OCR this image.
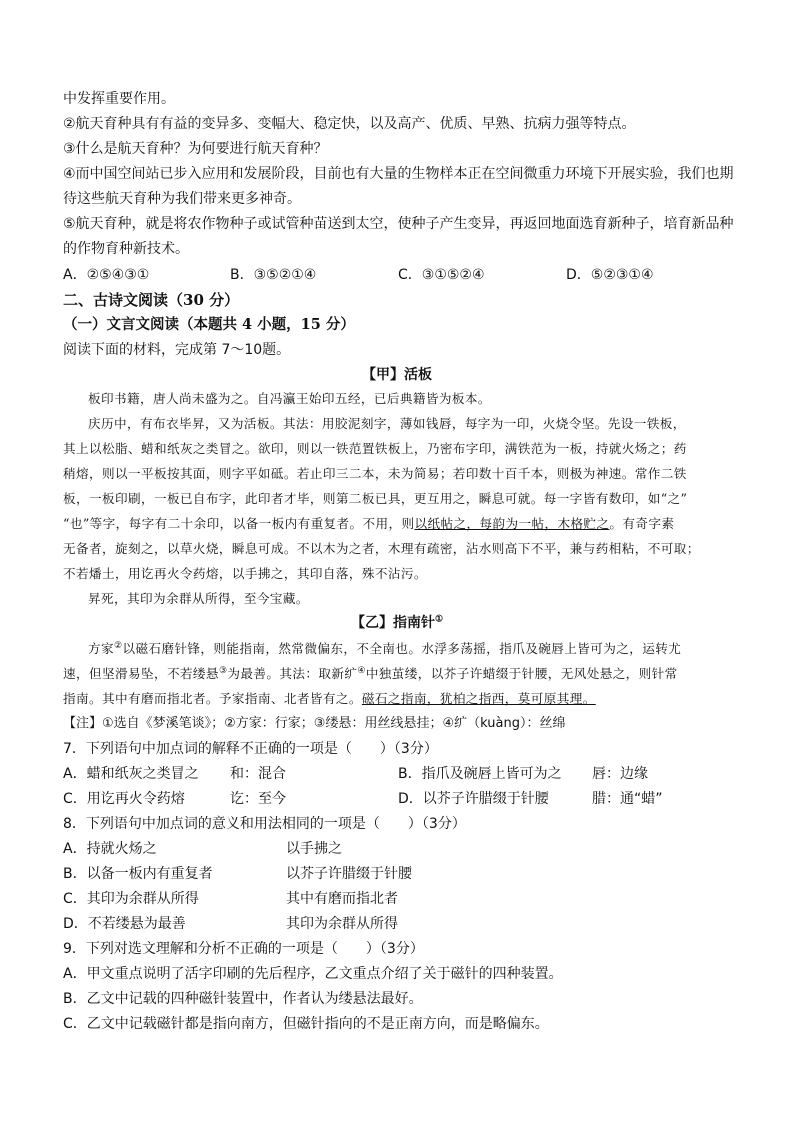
中发挥重要作用。
②航天育种具有有益的变异多、变幅大、稳定快，以及高产、优质、早熟、抗病力强等特点。
③什么是航天育种？为何要进行航天育种？
④而中国空间站已步入应用和发展阶段，目前也有大量的生物样本正在空间微重力环境下开展实验，我们也期
待这些航天育种为我们带来更多神奇。
⑤航天育种，就是将农作物种子或试管种苗送到太空，使种子产生变异，再返回地面选育新种子，培育新品种
的作物育种新技术。
A．②⑤④③①	B．③⑤②①④	C．③①⑤②④	D．⑤②③①④
二、古诗文阅读（30 分）
（一）文言文阅读（本题共 4 小题，15 分）
阅读下面的材料，完成第 7～10题。
【甲】活板
板印书籍，唐人尚未盛为之。自冯瀛王始印五经，已后典籍皆为板本。
庆历中，有布衣毕昇，又为活板。其法：用胶泥刻字，薄如钱唇，每字为一印，火烧令坚。先设一铁板，
其上以松脂、蜡和纸灰之类冒之。欲印，则以一铁范置铁板上，乃密布字印，满铁范为一板，持就火炀之；药
稍熔，则以一平板按其面，则字平如砥。若止印三二本，未为简易；若印数十百千本，则极为神速。常作二铁
板，一板印刷，一板已自布字，此印者才毕，则第二板已具，更互用之，瞬息可就。每一字皆有数印，如“之”
“也”等字，每字有二十余印，以备一板内有重复者。不用，则以纸帖之，每韵为一帖，木格贮之。有奇字素
无备者，旋刻之，以草火烧，瞬息可成。不以木为之者，木理有疏密，沾水则高下不平，兼与药相粘，不可取；
不若燔土，用讫再火令药熔，以手拂之，其印自落，殊不沾污。
昇死，其印为余群从所得，至今宝藏。
【乙】指南针①
方家②以磁石磨针锋，则能指南，然常微偏东，不全南也。水浮多荡摇，指爪及碗唇上皆可为之，运转尤
速，但坚滑易坠，不若缕悬③为最善。其法：取新纩④中独茧缕，以芥子许蜡缀于针腰，无风处悬之，则针常
指南。其中有磨而指北者。予家指南、北者皆有之。磁石之指南，犹柏之指西，莫可原其理。
【注】①选自《梦溪笔谈》；②方家：行家；③缕悬：用丝线悬挂；④纩（kuàng）：丝绵
7．下列语句中加点词的解释不正确的一项是（　　）（3分）
A．蜡和纸灰之类冒之 和：混合	B．指爪及碗唇上皆可为之 唇：边缘
C．用讫再火令药熔	讫：至今	D．以芥子许腊缀于针腰	腊：通“蜡”
8．下列语句中加点词的意义和用法相同的一项是（　　）（3分）
A．持就火炀之	以手拂之
B．以备一板内有重复者	以芥子许腊缀于针腰
C．其印为余群从所得	其中有磨而指北者
D．不若缕悬为最善	其印为余群从所得
9．下列对选文理解和分析不正确的一项是（　　）（3分）
A．甲文重点说明了活字印刷的先后程序，乙文重点介绍了关于磁针的四种装置。
B．乙文中记载的四种磁针装置中，作者认为缕悬法最好。
C．乙文中记载磁针都是指向南方，但磁针指向的不是正南方向，而是略偏东。
